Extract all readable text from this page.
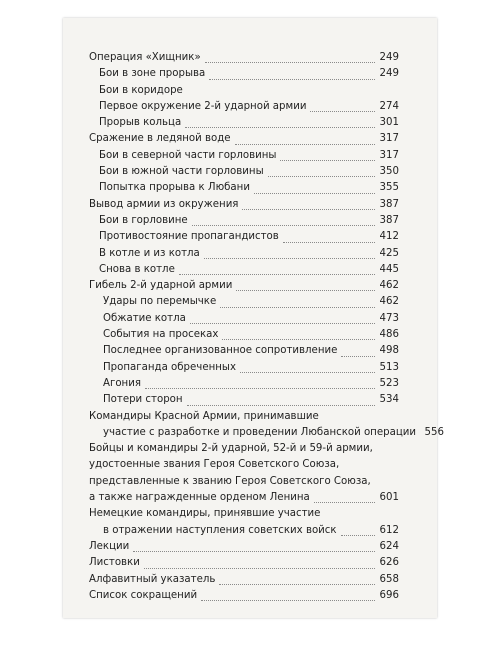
Операция «Хищник»	249
Бои в зоне прорыва	249
Бои в коридоре
Первое окружение 2-й ударной армии	274
Прорыв кольца	301
Сражение в ледяной воде	317
Бои в северной части горловины	317
Бои в южной части горловины	350
Попытка прорыва к Любани	355
Вывод армии из окружения	387
Бои в горловине	387
Противостояние пропагандистов	412
В котле и из котла	425
Снова в котле	445
Гибель 2-й ударной армии	462
Удары по перемычке	462
Обжатие котла	473
События на просеках	486
Последнее организованное сопротивление	498
Пропаганда обреченных	513
Агония	523
Потери сторон	534
Командиры Красной Армии, принимавшие
участие с разработке и проведении Любанской операции 556
Бойцы и командиры 2-й ударной, 52-й и 59-й армии,
удостоенные звания Героя Советского Союза,
представленные к званию Героя Советского Союза,
а также награжденные орденом Ленина	601
Немецкие командиры, принявшие участие
в отражении наступления советских войск	612
Лекции	624
Листовки	626
Алфавитный указатель	658
Список сокращений	696
